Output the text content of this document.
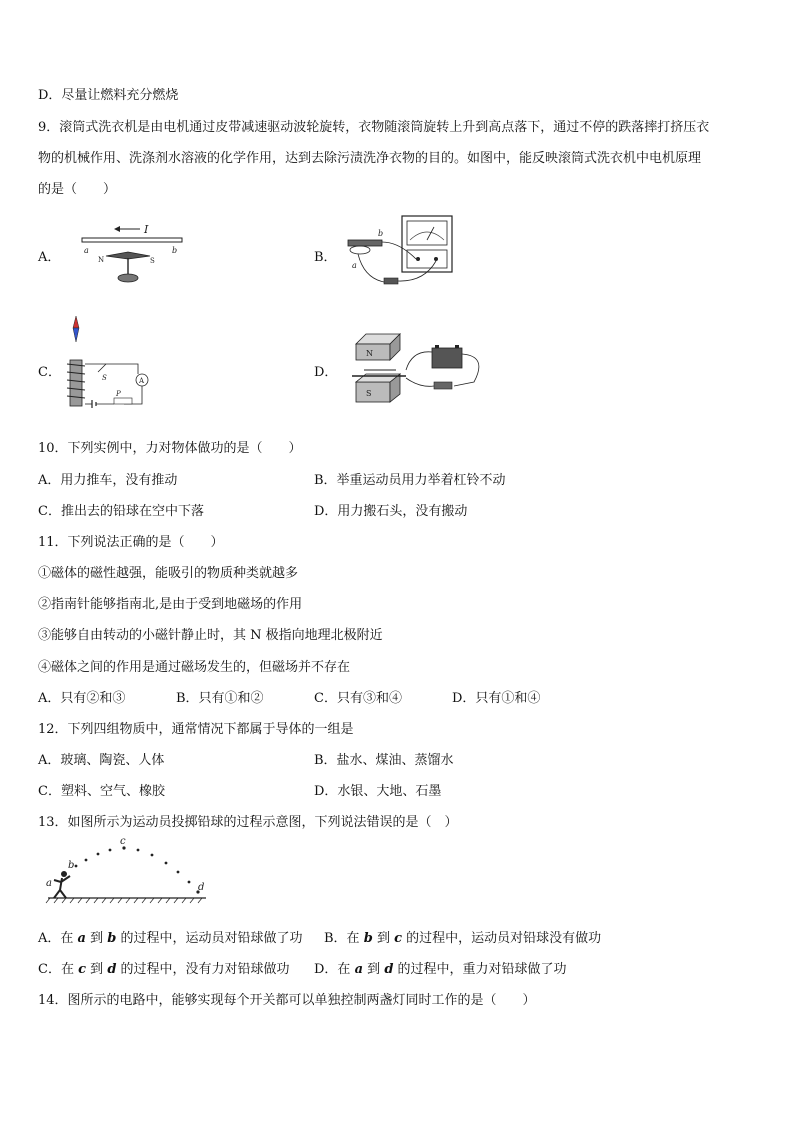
D．尽量让燃料充分燃烧
9．滚筒式洗衣机是由电机通过皮带减速驱动波轮旋转，衣物随滚筒旋转上升到高点落下，通过不停的跌落摔打挤压衣
物的机械作用、洗涤剂水溶液的化学作用，达到去除污渍洗净衣物的目的。如图中，能反映滚筒式洗衣机中电机原理
的是（　　）
A．	B．
C．	D．
I
a	b
N	S
b
a
S	A
P
N
S
10．下列实例中，力对物体做功的是（　　）
A．用力推车，没有推动	B．举重运动员用力举着杠铃不动
C．推出去的铅球在空中下落	D．用力搬石头，没有搬动
11．下列说法正确的是（　　）
①磁体的磁性越强，能吸引的物质种类就越多
②指南针能够指南北,是由于受到地磁场的作用
③能够自由转动的小磁针静止时，其 N 极指向地理北极附近
④磁体之间的作用是通过磁场发生的，但磁场并不存在
A．只有②和③	B．只有①和②	C．只有③和④	D．只有①和④
12．下列四组物质中，通常情况下都属于导体的一组是
A．玻璃、陶瓷、人体	B．盐水、煤油、蒸馏水
C．塑料、空气、橡胶	D．水银、大地、石墨
13．如图所示为运动员投掷铅球的过程示意图，下列说法错误的是（　）
a
b
c
d
A．在 a 到 b 的过程中，运动员对铅球做了功 B．在 b 到 c 的过程中，运动员对铅球没有做功
C．在 c 到 d 的过程中，没有力对铅球做功 D．在 a 到 d 的过程中，重力对铅球做了功
14．图所示的电路中，能够实现每个开关都可以单独控制两盏灯同时工作的是（　　）
